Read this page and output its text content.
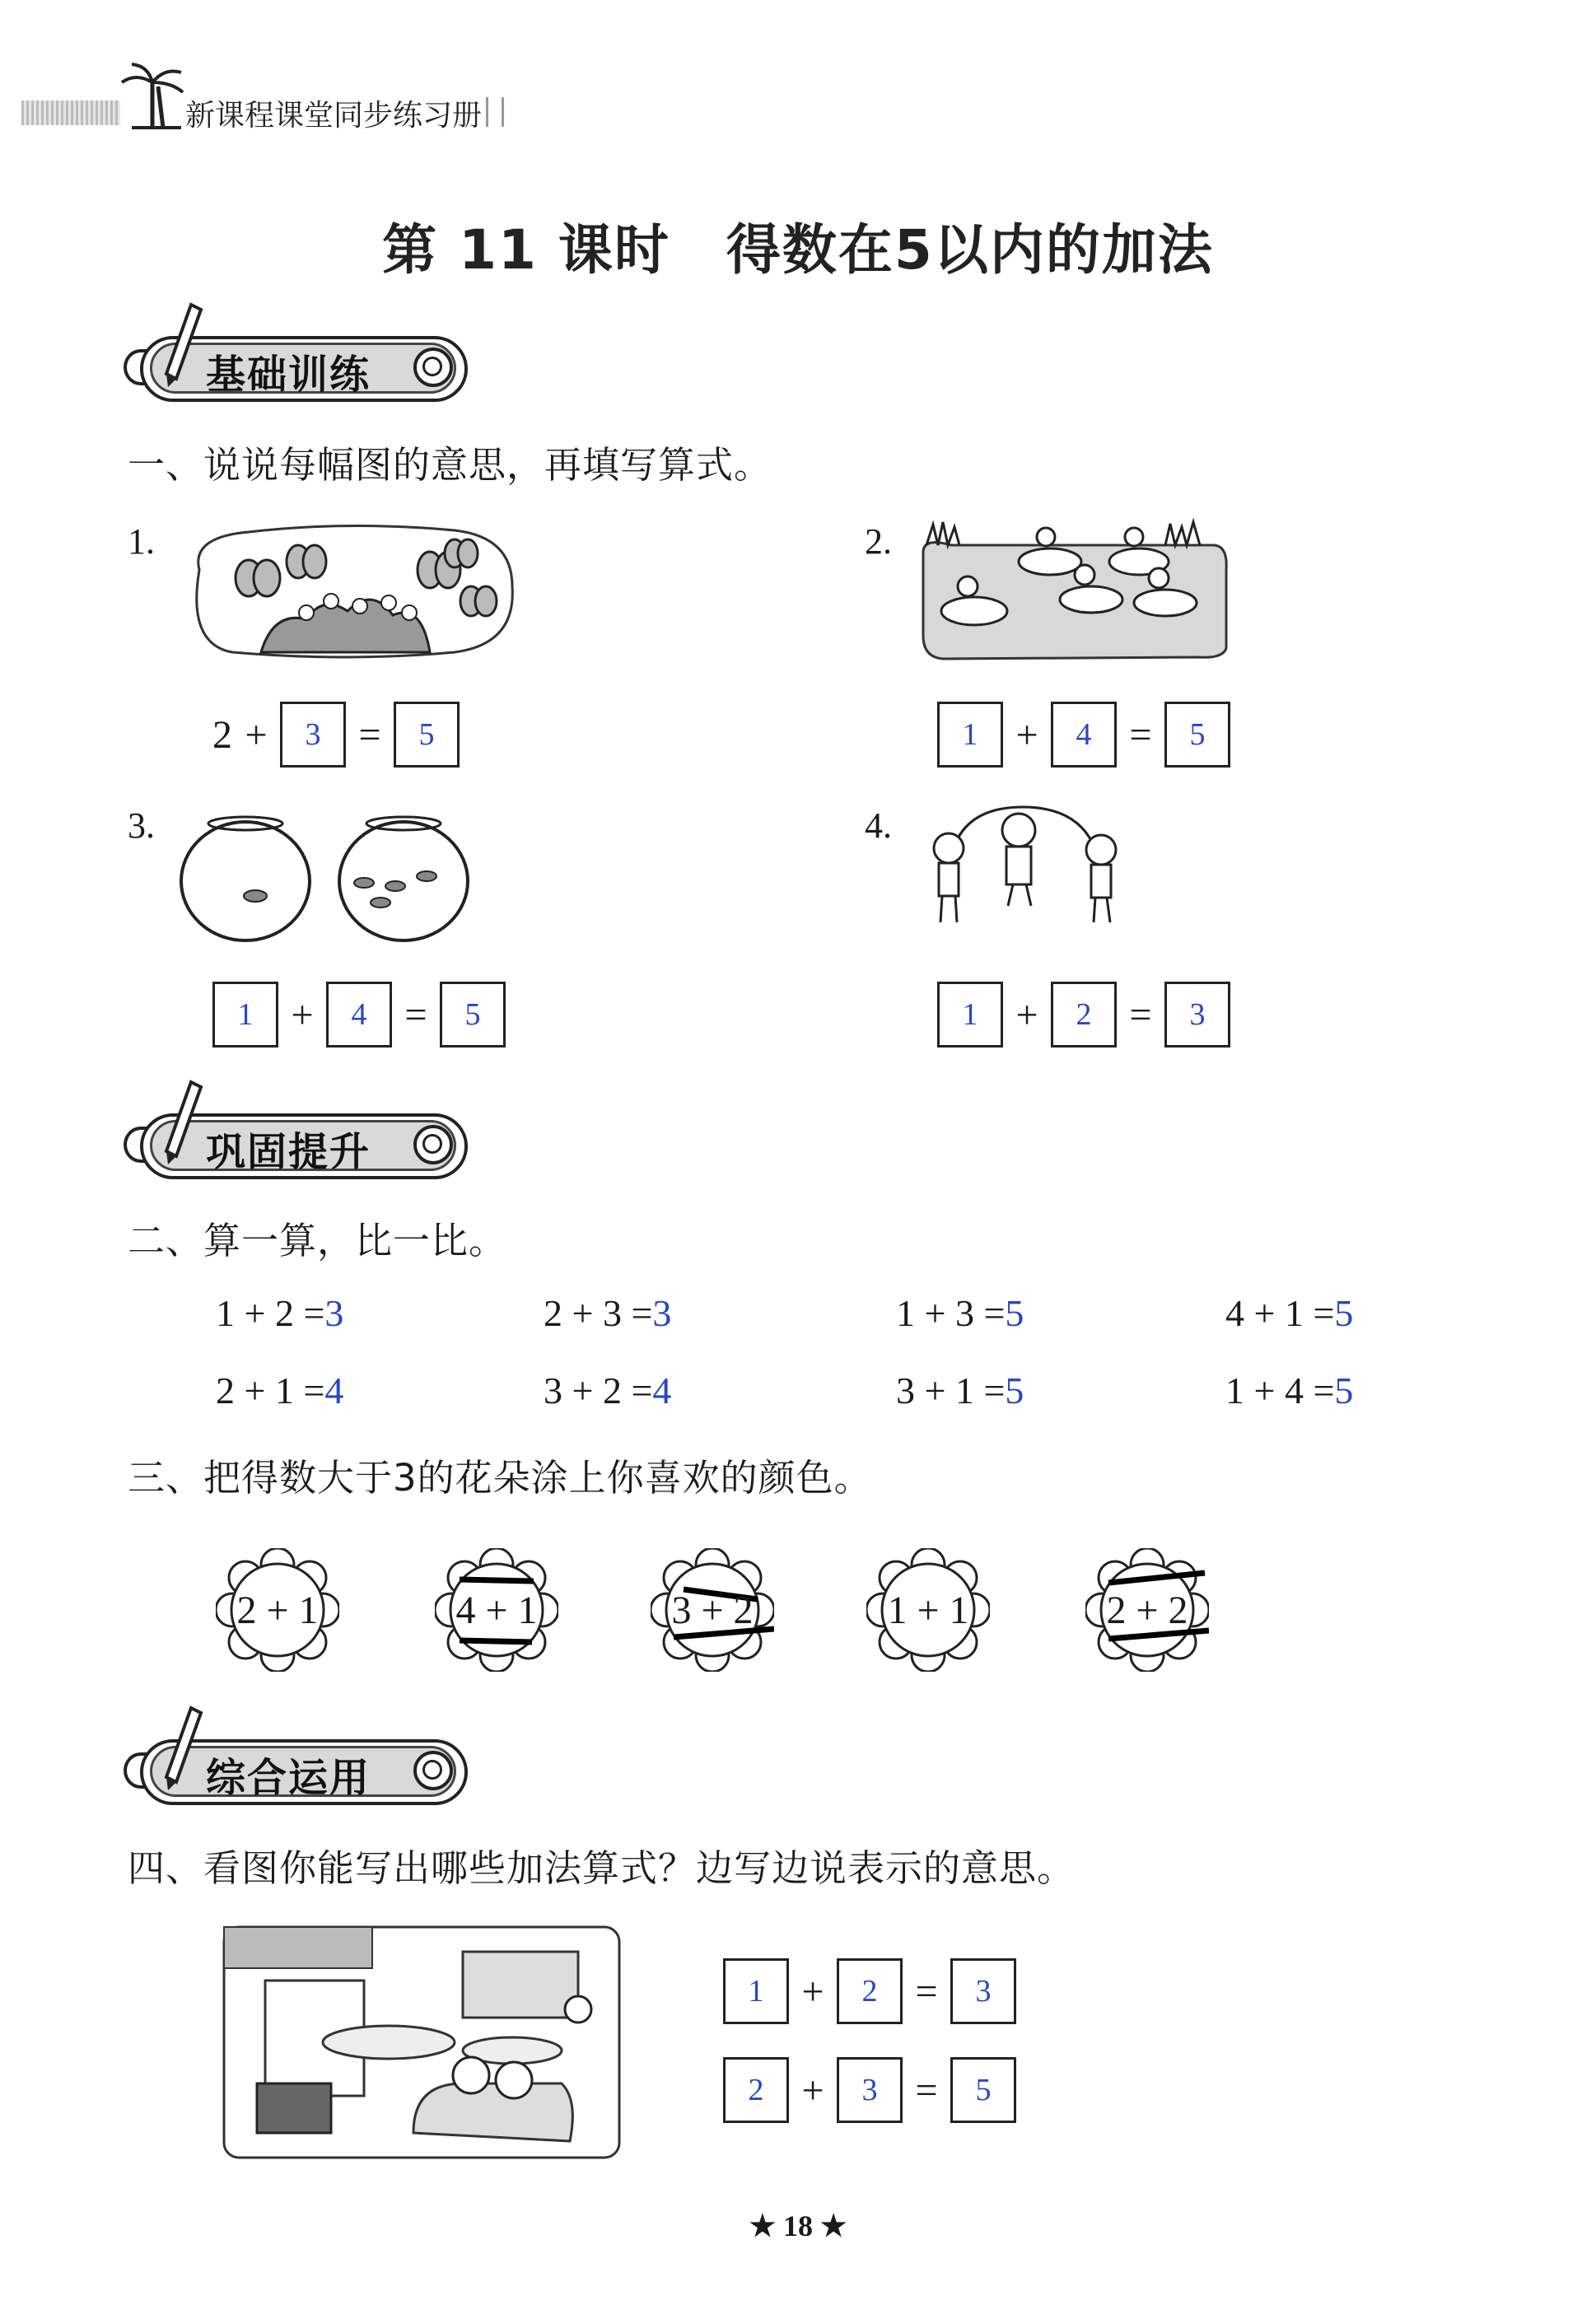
新课程课堂同步练习册
第 11 课时　得数在5以内的加法
基础训练
一、说说每幅图的意思，再填写算式。
1.
2 +	3 =	5
2.
1 +	4 =	5
3.
1 +	4 =	5
4.
1 +	2 =	3
巩固提升
二、算一算，比一比。
1 + 2 =3	2 + 3 =3	1 + 3 =5	4 + 1 =5
2 + 1 =4	3 + 2 =4	3 + 1 =5	1 + 4 =5
三、把得数大于3的花朵涂上你喜欢的颜色。
2 + 1	4 + 1	3 + 2	1 + 1	2 + 2
综合运用
四、看图你能写出哪些加法算式？边写边说表示的意思。
1 +	2 =	3
2 +	3 =	5
★ 18 ★
